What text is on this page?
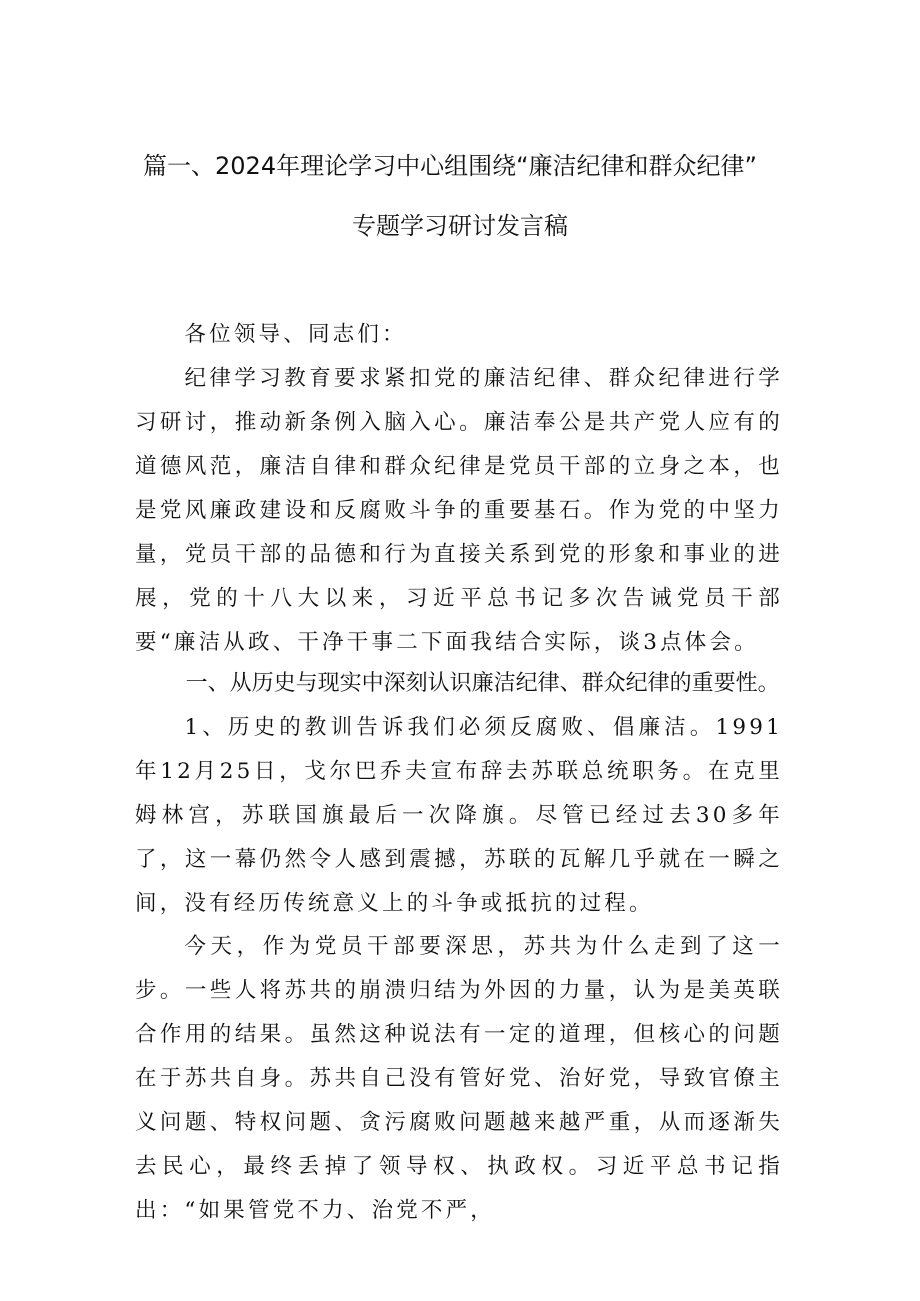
篇一、2024年理论学习中心组围绕“廉洁纪律和群众纪律”
专题学习研讨发言稿

各位领导、同志们：

纪律学习教育要求紧扣党的廉洁纪律、群众纪律进行学习研讨，推动新条例入脑入心。廉洁奉公是共产党人应有的道德风范，廉洁自律和群众纪律是党员干部的立身之本，也是党风廉政建设和反腐败斗争的重要基石。作为党的中坚力量，党员干部的品德和行为直接关系到党的形象和事业的进展，党的十八大以来，习近平总书记多次告诫党员干部要“廉洁从政、干净干事二下面我结合实际，谈3点体会。

一、从历史与现实中深刻认识廉洁纪律、群众纪律的重要性。

1、历史的教训告诉我们必须反腐败、倡廉洁。1991年12月25日，戈尔巴乔夫宣布辞去苏联总统职务。在克里姆林宫，苏联国旗最后一次降旗。尽管已经过去30多年了，这一幕仍然令人感到震撼，苏联的瓦解几乎就在一瞬之间，没有经历传统意义上的斗争或抵抗的过程。

今天，作为党员干部要深思，苏共为什么走到了这一步。一些人将苏共的崩溃归结为外因的力量，认为是美英联合作用的结果。虽然这种说法有一定的道理，但核心的问题在于苏共自身。苏共自己没有管好党、治好党，导致官僚主义问题、特权问题、贪污腐败问题越来越严重，从而逐渐失去民心，最终丢掉了领导权、执政权。习近平总书记指出：“如果管党不力、治党不严，
